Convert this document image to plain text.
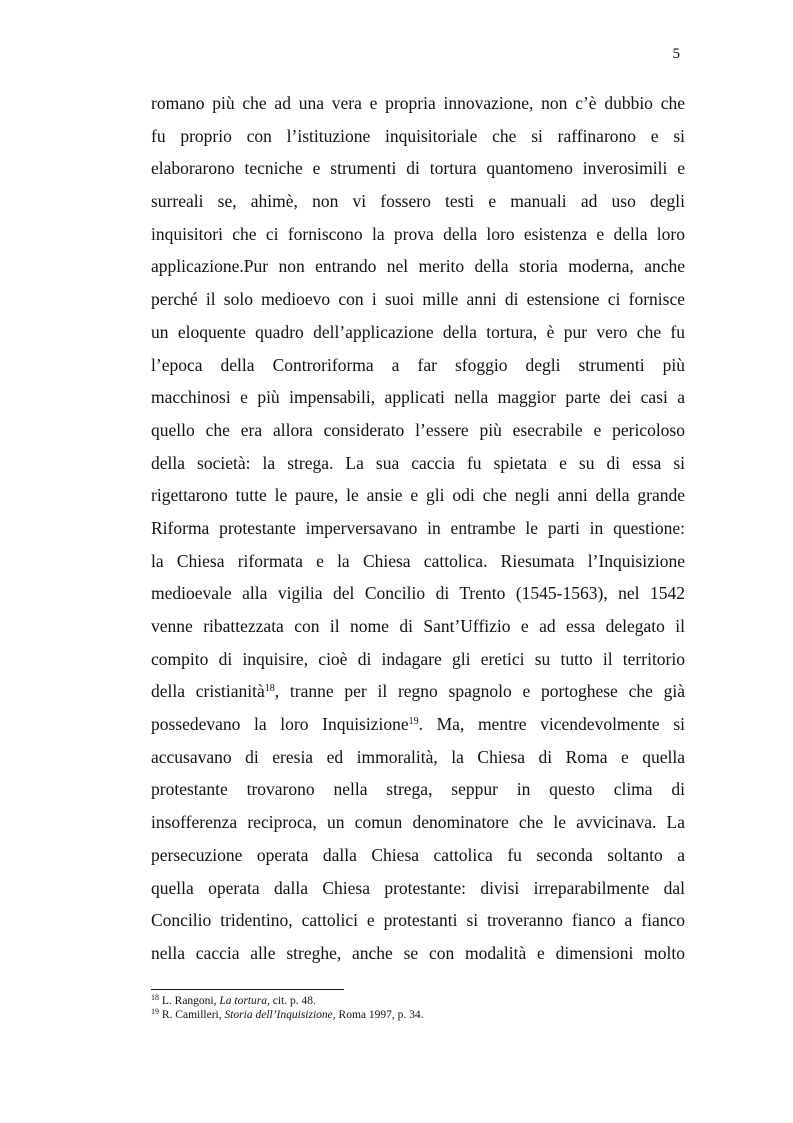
5
romano più che ad una vera e propria innovazione, non c’è dubbio che
fu proprio con l’istituzione inquisitoriale che si raffinarono e si
elaborarono tecniche e strumenti di tortura quantomeno inverosimili e
surreali se, ahimè, non vi fossero testi e manuali ad uso degli
inquisitori che ci forniscono la prova della loro esistenza e della loro
applicazione.Pur non entrando nel merito della storia moderna, anche
perché il solo medioevo con i suoi mille anni di estensione ci fornisce
un eloquente quadro dell’applicazione della tortura, è pur vero che fu
l’epoca della Controriforma a far sfoggio degli strumenti più
macchinosi e più impensabili, applicati nella maggior parte dei casi a
quello che era allora considerato l’essere più esecrabile e pericoloso
della società: la strega. La sua caccia fu spietata e su di essa si
rigettarono tutte le paure, le ansie e gli odi che negli anni della grande
Riforma protestante imperversavano in entrambe le parti in questione:
la Chiesa riformata e la Chiesa cattolica. Riesumata l’Inquisizione
medioevale alla vigilia del Concilio di Trento (1545-1563), nel 1542
venne ribattezzata con il nome di Sant’Uffizio e ad essa delegato il
compito di inquisire, cioè di indagare gli eretici su tutto il territorio
della cristianità$^{18}$, tranne per il regno spagnolo e portoghese che già
possedevano la loro Inquisizione$^{19}$. Ma, mentre vicendevolmente si
accusavano di eresia ed immoralità, la Chiesa di Roma e quella
protestante trovarono nella strega, seppur in questo clima di
insofferenza reciproca, un comun denominatore che le avvicinava. La
persecuzione operata dalla Chiesa cattolica fu seconda soltanto a
quella operata dalla Chiesa protestante: divisi irreparabilmente dal
Concilio tridentino, cattolici e protestanti si troveranno fianco a fianco
nella caccia alle streghe, anche se con modalità e dimensioni molto
$^{18}$ L. Rangoni, La tortura, cit. p. 48.
$^{19}$ R. Camilleri, Storia dell’Inquisizione, Roma 1997, p. 34.
